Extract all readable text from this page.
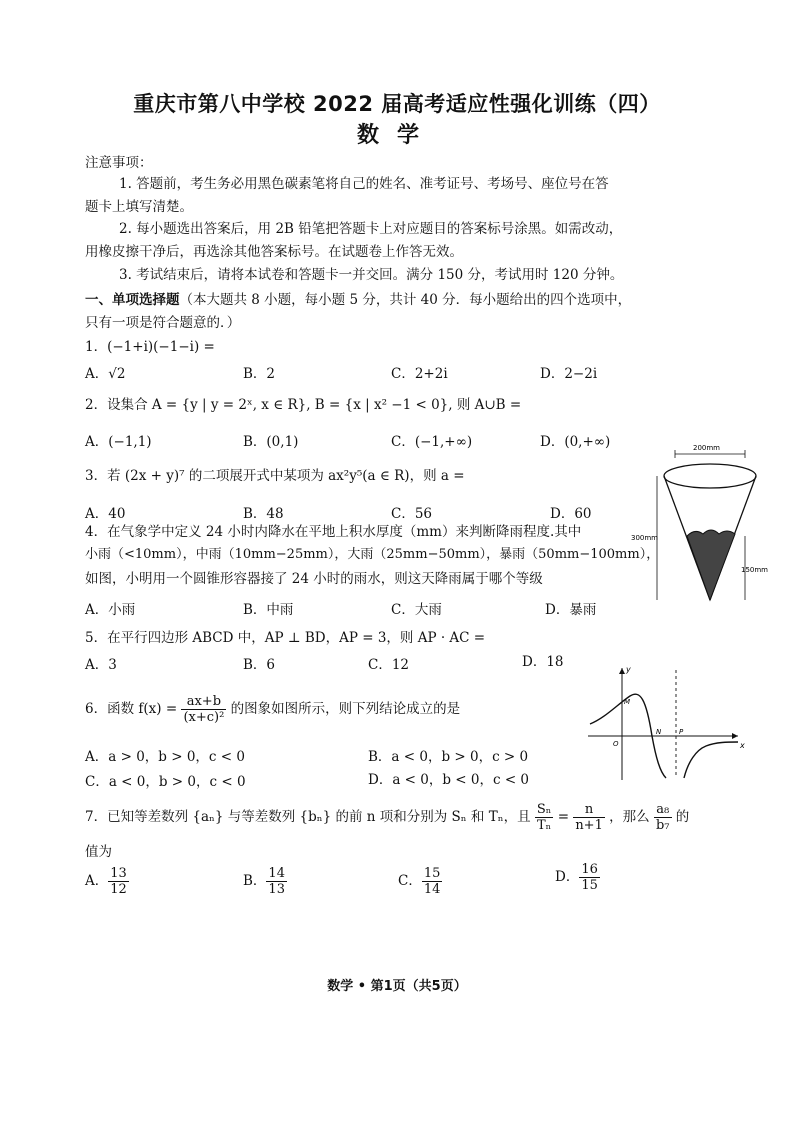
重庆市第八中学校 2022 届高考适应性强化训练（四）
数学
注意事项：
1. 答题前，考生务必用黑色碳素笔将自己的姓名、准考证号、考场号、座位号在答
题卡上填写清楚。
2. 每小题选出答案后，用 2B 铅笔把答题卡上对应题目的答案标号涂黑。如需改动，
用橡皮擦干净后，再选涂其他答案标号。在试题卷上作答无效。
3. 考试结束后，请将本试卷和答题卡一并交回。满分 150 分，考试用时 120 分钟。
一、单项选择题（本大题共 8 小题，每小题 5 分，共计 40 分．每小题给出的四个选项中，
只有一项是符合题意的．）
1．(−1+i)(−1−i) =
A．√2	B．2	C．2+2i	D．2−2i
2．设集合 A = {y | y = 2ˣ, x ∈ R}, B = {x | x² −1 < 0}, 则 A∪B =
A．(−1,1)	B．(0,1)	C．(−1,+∞)	D．(0,+∞)
3．若 (2x + y)⁷ 的二项展开式中某项为 ax²y⁵(a ∈ R)，则 a =
A．40	B．48	C．56	D．60
4．在气象学中定义 24 小时内降水在平地上积水厚度（mm）来判断降雨程度.其中
小雨（<10mm），中雨（10mm−25mm），大雨（25mm−50mm），暴雨（50mm−100mm），
如图，小明用一个圆锥形容器接了 24 小时的雨水，则这天降雨属于哪个等级
A．小雨	B．中雨	C．大雨	D．暴雨
200mm
300mm
150mm
5．在平行四边形 ABCD 中，AP ⊥ BD，AP = 3，则 AP · AC =
A．3	B．6	C．12	D．18
6．函数 $f(x) = \frac{ax+b}{\text{(x+c)²}}$ 的图象如图所示，则下列结论成立的是
A．a > 0，b > 0，c < 0	B．a < 0，b > 0，c > 0
C．a < 0，b > 0，c < 0	D．a < 0，b < 0，c < 0
y
x
M
O
N	P
7．已知等差数列 {aₙ} 与等差数列 {bₙ} 的前 n 项和分别为 Sₙ 和 Tₙ，且 $\frac{\text{Sₙ}}{\text{Tₙ}} = \frac{n}{n+1}$ ，那么 $\frac{\text{a₈}}{\text{b₇}}$ 的
值为
A． $\frac{13}{12}$	B． $\frac{14}{13}$	C． $\frac{15}{14}$	D． $\frac{16}{15}$
数学 • 第1页（共5页）
